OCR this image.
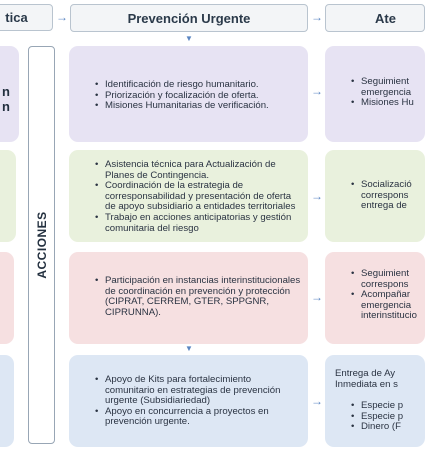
tica →	Prevención Urgente	→	Ate
▼
ACCIONES
n
n
• Identificación de riesgo humanitario.
• Priorización y focalización de oferta.
• Misiones Humanitarias de verificación.
• Asistencia técnica para Actualización de
Planes de Contingencia.
• Coordinación de la estrategia de
corresponsabilidad y presentación de oferta
de apoyo subsidiario a entidades territoriales
• Trabajo en acciones anticipatorias y gestión
comunitaria del riesgo
• Participación en instancias interinstitucionales
de coordinación en prevención y protección
(CIPRAT, CERREM, GTER, SPPGNR,
CIPRUNNA).
▼
• Apoyo de Kits para fortalecimiento
comunitario en estrategias de prevención
urgente (Subsidiariedad)
• Apoyo en concurrencia a proyectos en
prevención urgente.
→
→
→
→
• Seguimient
emergencia
• Misiones Hu
• Socializació
correspons
entrega de
• Seguimient
correspons
• Acompañar
emergencia
interinstitucio
Entrega de Ay
Inmediata en s
• Especie p
• Especie p
• Dinero (F
